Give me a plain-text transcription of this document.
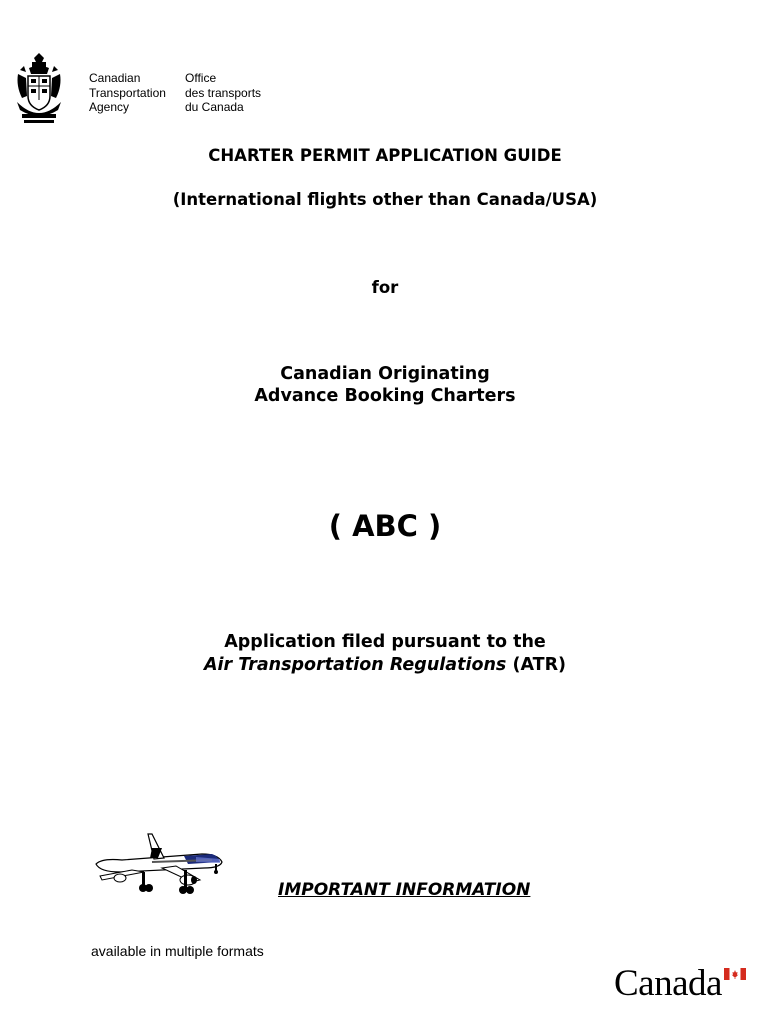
Canadian
Transportation
Agency
Office
des transports
du Canada
CHARTER PERMIT APPLICATION GUIDE
(International flights other than Canada/USA)
for
Canadian Originating
Advance Booking Charters
( ABC )
Application filed pursuant to the
Air Transportation Regulations (ATR)
IMPORTANT INFORMATION
available in multiple formats
Canada
